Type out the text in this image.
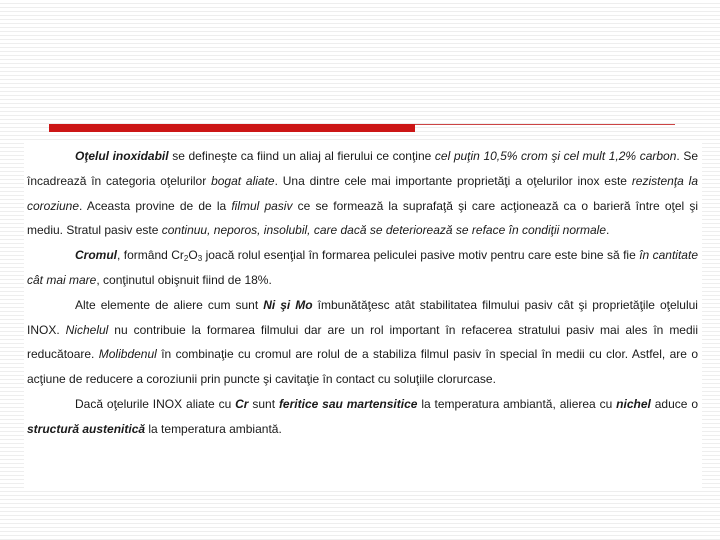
Oţelul inoxidabil se defineşte ca fiind un aliaj al fierului ce conţine cel puţin 10,5% crom şi cel mult 1,2% carbon. Se încadrează în categoria oţelurilor bogat aliate. Una dintre cele mai importante proprietăţi a oţelurilor inox este rezistenţa la coroziune. Aceasta provine de de la filmul pasiv ce se formează la suprafaţă şi care acţionează ca o barieră între oţel şi mediu. Stratul pasiv este continuu, neporos, insolubil, care dacă se deteriorează se reface în condiţii normale.

Cromul, formând $Cr_2O_3$ joacă rolul esenţial în formarea peliculei pasive motiv pentru care este bine să fie în cantitate cât mai mare, conţinutul obişnuit fiind de 18%.

Alte elemente de aliere cum sunt Ni şi Mo îmbunătăţesc atât stabilitatea filmului pasiv cât şi proprietăţile oţelului INOX. Nichelul nu contribuie la formarea filmului dar are un rol important în refacerea stratului pasiv mai ales în medii reducătoare. Molibdenul în combinaţie cu cromul are rolul de a stabiliza filmul pasiv în special în medii cu clor. Astfel, are o acţiune de reducere a coroziunii prin puncte şi cavitaţie în contact cu soluţiile clorurcase.

Dacă oţelurile INOX aliate cu Cr sunt feritice sau martensitice la temperatura ambiantă, alierea cu nichel aduce o structură austenitică la temperatura ambiantă.
